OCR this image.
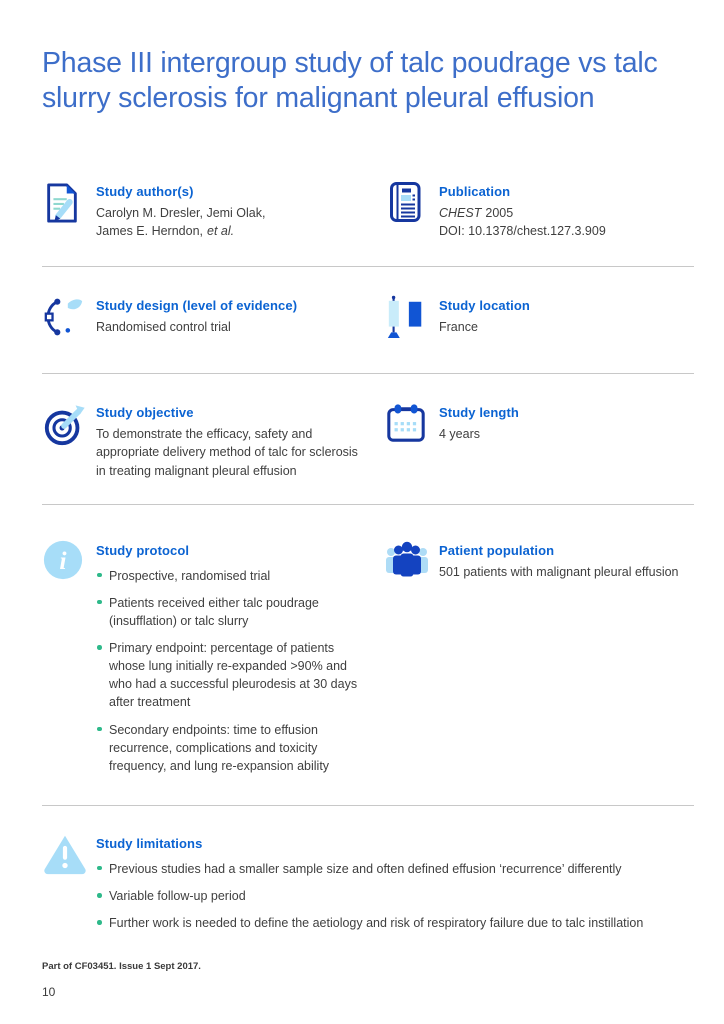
Phase III intergroup study of talc poudrage vs talc slurry sclerosis for malignant pleural effusion
Study author(s)
Carolyn M. Dresler, Jemi Olak,
James E. Herndon, et al.
Publication
CHEST 2005
DOI: 10.1378/chest.127.3.909
Study design (level of evidence)
Randomised control trial
Study location
France
Study objective
To demonstrate the efficacy, safety and appropriate delivery method of talc for sclerosis in treating malignant pleural effusion
Study length
4 years
i Study protocol
Prospective, randomised trial
Patients received either talc poudrage (insufflation) or talc slurry
Primary endpoint: percentage of patients whose lung initially re-expanded >90% and who had a successful pleurodesis at 30 days after treatment
Secondary endpoints: time to effusion recurrence, complications and toxicity frequency, and lung re-expansion ability
Patient population
501 patients with malignant pleural effusion
Study limitations
Previous studies had a smaller sample size and often defined effusion ‘recurrence’ differently
Variable follow-up period
Further work is needed to define the aetiology and risk of respiratory failure due to talc instillation
Part of CF03451. Issue 1 Sept 2017.
10
